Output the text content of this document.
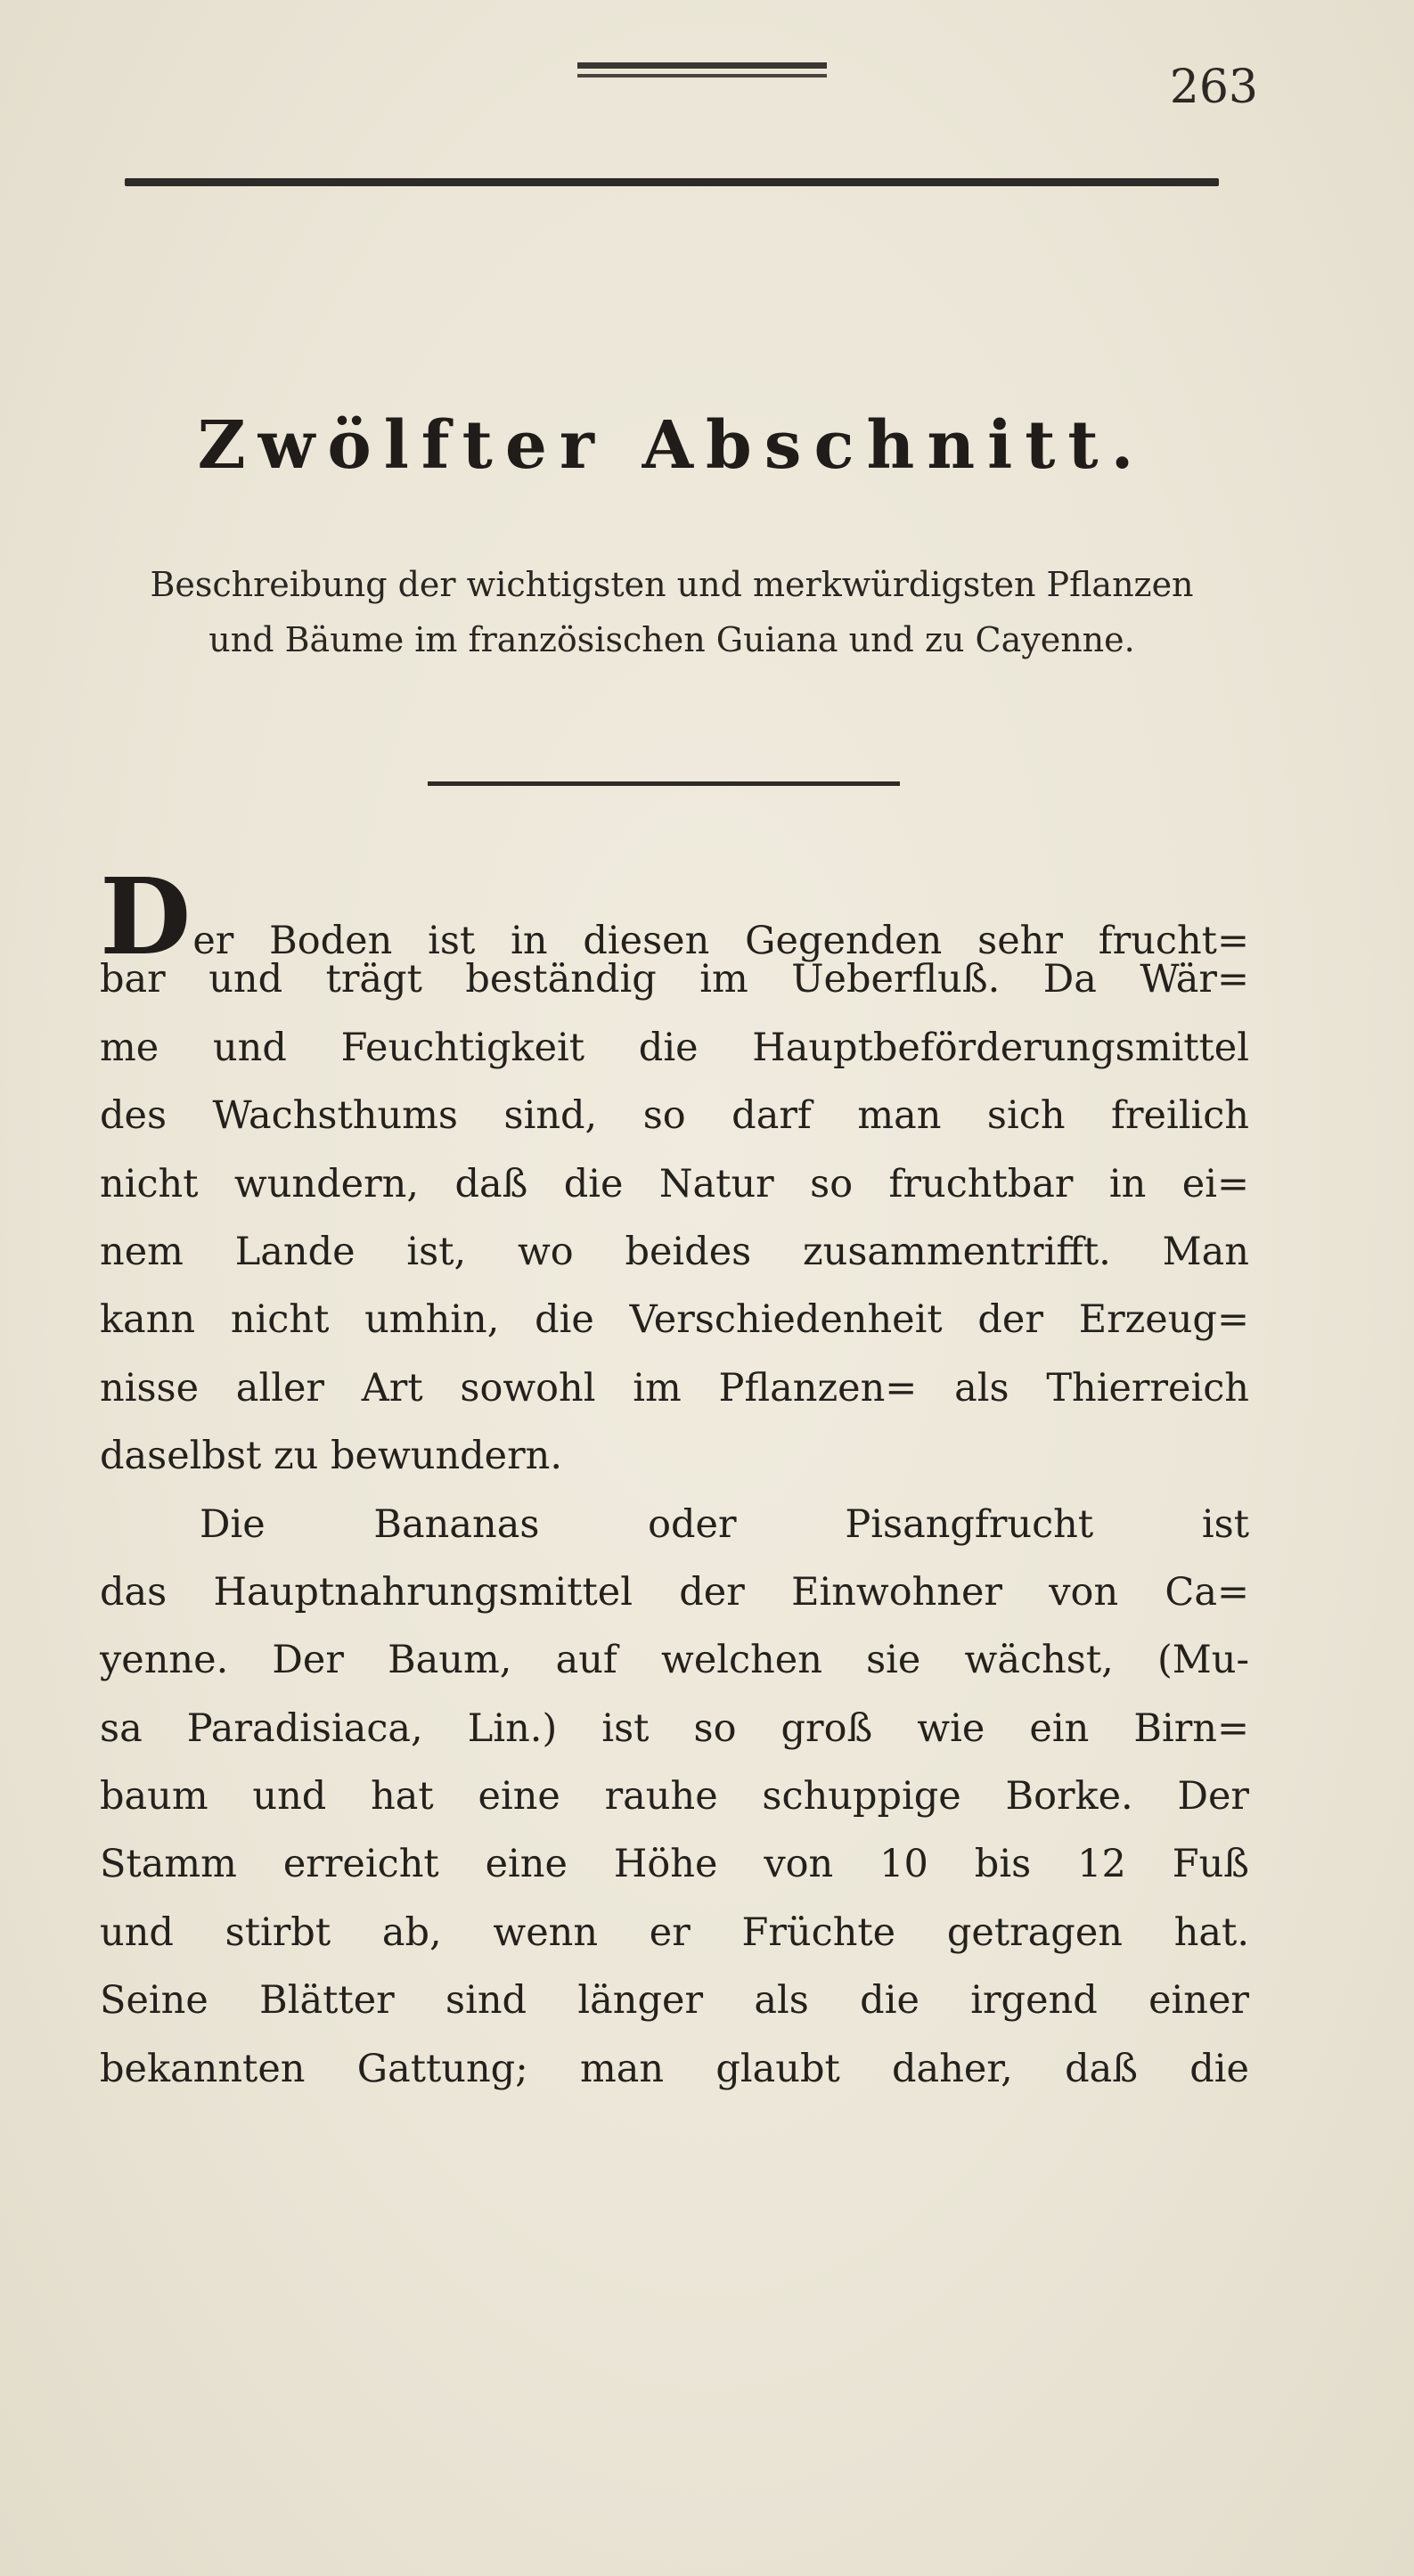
263
Zwölfter Abschnitt.
Beschreibung der wichtigsten und merkwürdigsten Pflanzen
und Bäume im französischen Guiana und zu Cayenne.
D er Boden ist in diesen Gegenden sehr frucht=
bar und trägt beständig im Ueberfluß. Da Wär=
me und Feuchtigkeit die Hauptbeförderungsmittel
des Wachsthums sind, so darf man sich freilich
nicht wundern, daß die Natur so fruchtbar in ei=
nem Lande ist, wo beides zusammentrifft. Man
kann nicht umhin, die Verschiedenheit der Erzeug=
nisse aller Art sowohl im Pflanzen= als Thierreich
daselbst zu bewundern.
Die Bananas oder Pisangfrucht ist
das Hauptnahrungsmittel der Einwohner von Ca=
yenne. Der Baum, auf welchen sie wächst, (Mu-
sa Paradisiaca, Lin.) ist so groß wie ein Birn=
baum und hat eine rauhe schuppige Borke. Der
Stamm erreicht eine Höhe von 10 bis 12 Fuß
und stirbt ab, wenn er Früchte getragen hat.
Seine Blätter sind länger als die irgend einer
bekannten Gattung; man glaubt daher, daß die
